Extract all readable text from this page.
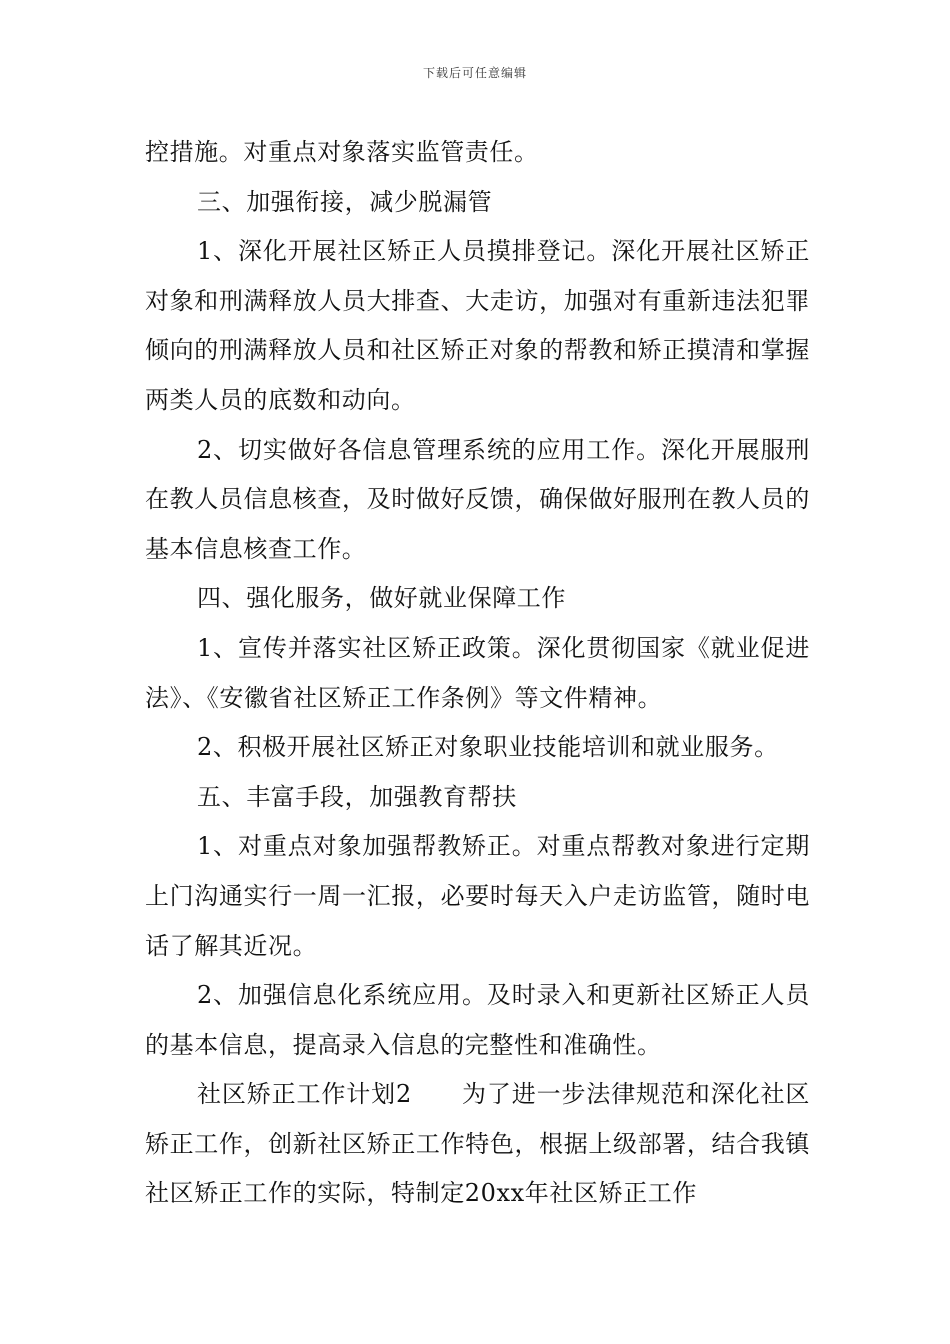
下载后可任意编辑

控措施。对重点对象落实监管责任。

三、加强衔接，减少脱漏管

1、深化开展社区矫正人员摸排登记。深化开展社区矫正对象和刑满释放人员大排查、大走访，加强对有重新违法犯罪倾向的刑满释放人员和社区矫正对象的帮教和矫正摸清和掌握两类人员的底数和动向。

2、切实做好各信息管理系统的应用工作。深化开展服刑在教人员信息核查，及时做好反馈，确保做好服刑在教人员的基本信息核查工作。

四、强化服务，做好就业保障工作

1、宣传并落实社区矫正政策。深化贯彻国家《就业促进法》、《安徽省社区矫正工作条例》等文件精神。

2、积极开展社区矫正对象职业技能培训和就业服务。

五、丰富手段，加强教育帮扶

1、对重点对象加强帮教矫正。对重点帮教对象进行定期上门沟通实行一周一汇报，必要时每天入户走访监管，随时电话了解其近况。

2、加强信息化系统应用。及时录入和更新社区矫正人员的基本信息，提高录入信息的完整性和准确性。

社区矫正工作计划2　　为了进一步法律规范和深化社区矫正工作，创新社区矫正工作特色，根据上级部署，结合我镇社区矫正工作的实际，特制定20xx年社区矫正工作
